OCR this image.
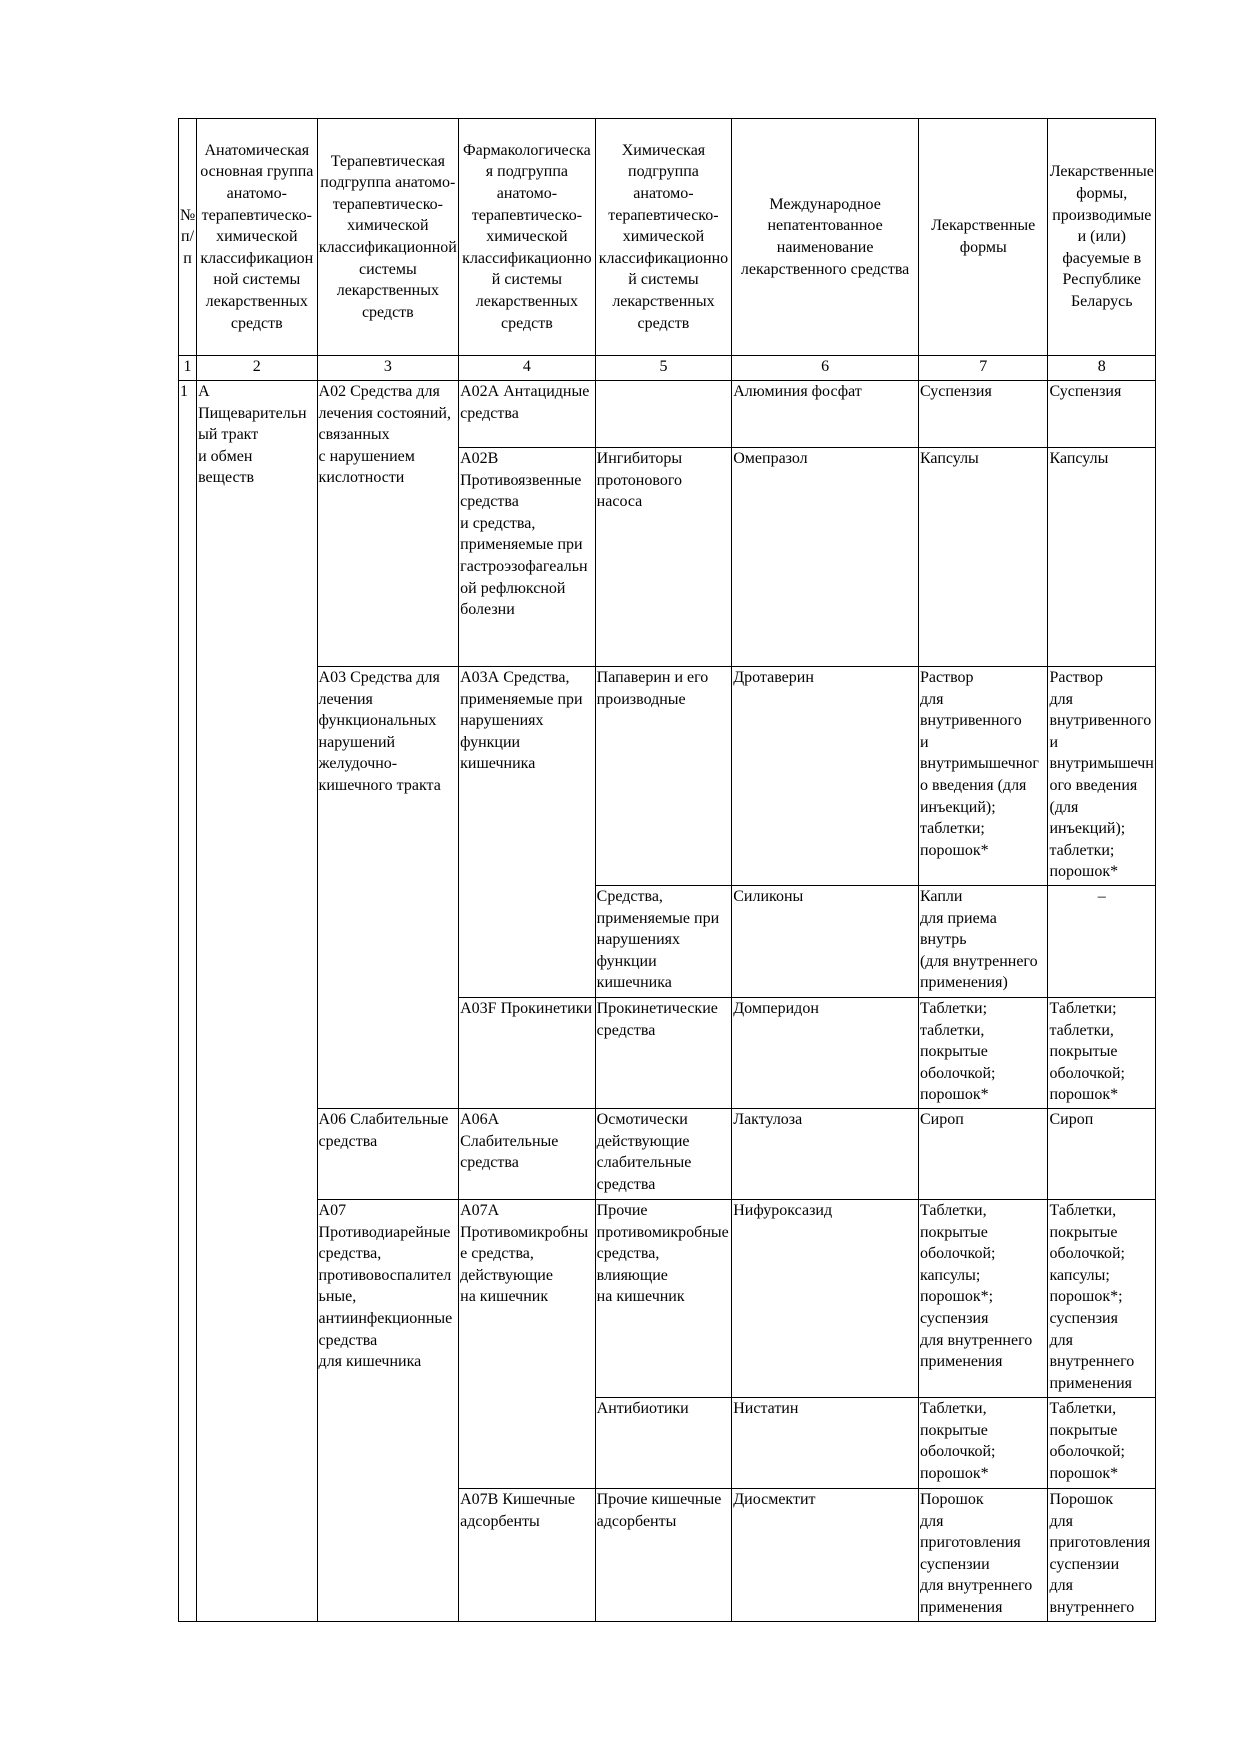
№ п/п	Анатомическая основная группа анатомо-терапевтическо-химической классификационной системы лекарственных средств	Терапевтическая подгруппа анатомо-терапевтическо-химической классификационной системы лекарственных средств	Фармакологическая подгруппа анатомо-терапевтическо-химической классификационной системы лекарственных средств	Химическая подгруппа анатомо-терапевтическо-химической классификационной системы лекарственных средств	Международное непатентованное наименование лекарственного средства	Лекарственные формы	Лекарственные формы, производимые и (или) фасуемые в Республике Беларусь
1	2	3	4	5	6	7	8
1	А
Пищеварительный тракт
и обмен
веществ	А02 Средства для лечения состояний, связанных
с нарушением кислотности	А02А Антацидные средства		Алюминия фосфат	Суспензия	Суспензия
			А02В Противоязвенные средства
и средства, применяемые при гастроэзофагеальной рефлюксной болезни	Ингибиторы протонового насоса	Омепразол	Капсулы	Капсулы
		А03 Средства для лечения функциональных нарушений желудочно-кишечного тракта	А03А Средства, применяемые при нарушениях функции кишечника	Папаверин и его производные	Дротаверин	Раствор
для внутривенного
и внутримышечного введения (для инъекций); таблетки; порошок*	Раствор
для внутривенного
и внутримышечного введения (для инъекций); таблетки; порошок*
				Средства, применяемые при нарушениях функции кишечника	Силиконы	Капли
для приема внутрь
(для внутреннего применения)	–
			А03F Прокинетики	Прокинетические средства	Домперидон	Таблетки; таблетки, покрытые оболочкой; порошок*	Таблетки; таблетки, покрытые оболочкой; порошок*
		А06 Слабительные средства	А06А Слабительные средства	Осмотически действующие слабительные средства	Лактулоза	Сироп	Сироп
		А07 Противодиарейные средства, противовоспалительные, антиинфекционные средства
для кишечника	А07А Противомикробные средства, действующие
на кишечник	Прочие противомикробные средства, влияющие
на кишечник	Нифуроксазид	Таблетки, покрытые оболочкой; капсулы; порошок*; суспензия
для внутреннего применения	Таблетки, покрытые оболочкой; капсулы; порошок*; суспензия
для внутреннего применения
				Антибиотики	Нистатин	Таблетки, покрытые оболочкой; порошок*	Таблетки, покрытые оболочкой; порошок*
			А07В Кишечные адсорбенты	Прочие кишечные адсорбенты	Диосмектит	Порошок
для приготовления суспензии
для внутреннего применения	Порошок
для приготовления суспензии
для внутреннего
